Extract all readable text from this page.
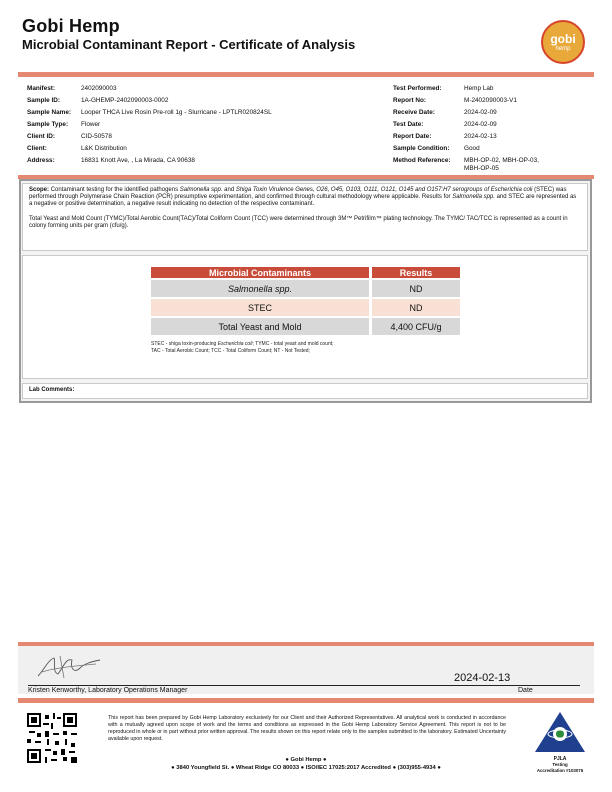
Gobi Hemp
Microbial Contaminant Report - Certificate of Analysis	gobi
hemp
Manifest:	2402090003
Sample ID:	1A-GHEMP-2402090003-0002
Sample Name: Looper THCA Live Rosin Pre-roll 1g - Slurricane - LPTLR020824SL
Sample Type: Flower
Client ID:	CID-50578
Client:	L&K Distribution
Address:	16831 Knott Ave, , La Mirada, CA 90638
Test Performed:	Hemp Lab
Report No:	M-2402090003-V1
Receive Date:	2024-02-09
Test Date:	2024-02-09
Report Date:	2024-02-13
Sample Condition: Good
Method Reference: MBH-OP-02, MBH-OP-03,
MBH-OP-05
Scope: Contaminant testing for the identified pathogens Salmonella spp. and Shiga Toxin Virulence Genes, O26, O45, O103, O111, O121, O145 and O157:H7 serogroups of Escherichia coli (STEC) was performed through Polymerase Chain Reaction (PCR) presumptive experimentation, and confirmed through cultural methodology where applicable. Results for Salmonella spp. and STEC are represented as a negative or positive determination, a negative result indicating no detection of the respective contaminant.
Total Yeast and Mold Count (TYMC)/Total Aerobic Count(TAC)/Total Coliform Count (TCC) were determined through 3M™ Petrifilm™ plating technology. The TYMC/ TAC/TCC is represented as a count in colony forming units per gram (cfu/g).
Microbial Contaminants		Results
Salmonella spp.		ND
STEC		ND
Total Yeast and Mold		4,400 CFU/g
STEC - shiga toxin-producing Escherichia coli; TYMC - total yeast and mold count;
TAC - Total Aerobic Count; TCC - Total Coliform Count; NT - Not Tested;
Lab Comments:
2024-02-13
Kristen Kenworthy, Laboratory Operations Manager	Date
This report has been prepared by Gobi Hemp Laboratory exclusively for our Client and their Authorized Representatives. All analytical work is conducted in accordance with a mutually agreed upon scope of work and the terms and conditions as expressed in the Gobi Hemp Laboratory Service Agreement. This report is not to be reproduced in whole or in part without prior written approval. The results shown on this report relate only to the samples submitted to the laboratory. Estimated Uncertainty available upon request.
● Gobi Hemp ●
● 3840 Youngfield St. ● Wheat Ridge CO 80033 ● ISO/IEC 17025:2017 Accredited ● (303)955-4934 ●
PJLA
Testing
Accreditation #103075
